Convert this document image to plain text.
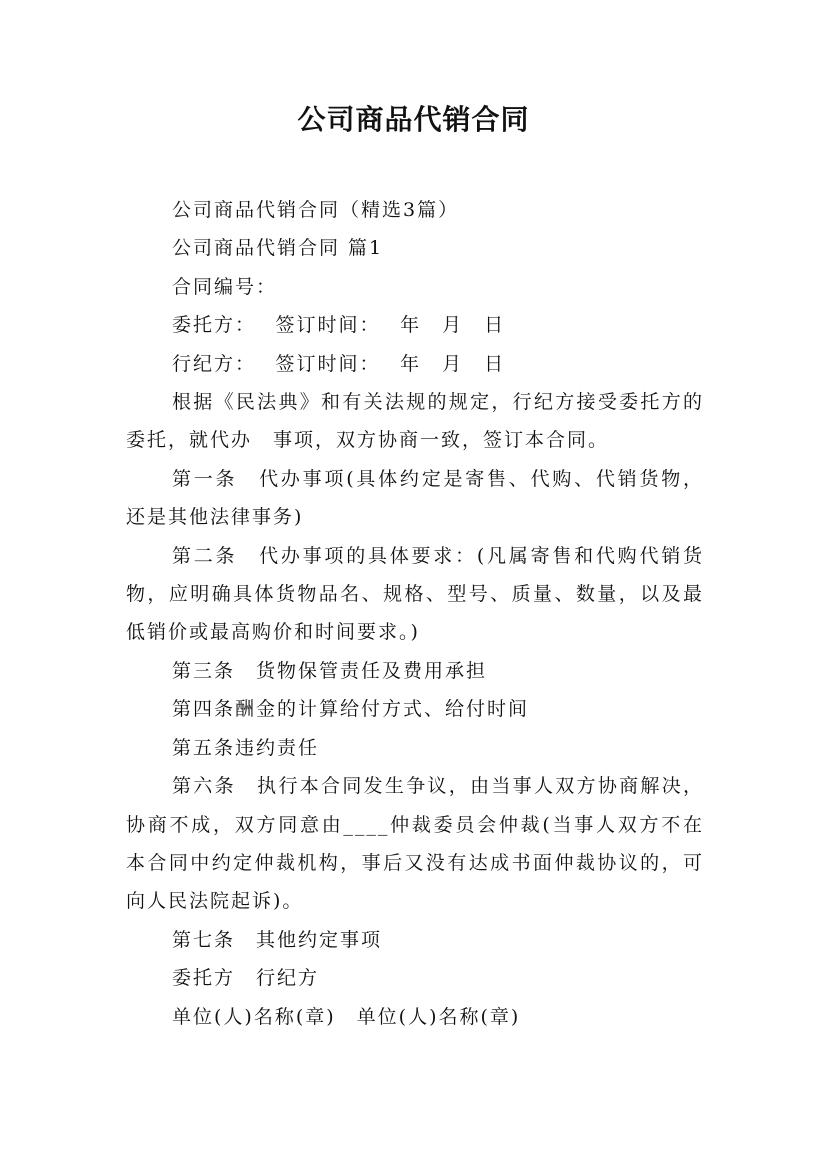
公司商品代销合同

公司商品代销合同（精选3篇）

公司商品代销合同 篇1

合同编号：

委托方：　 签订时间：　 年　月　日

行纪方：　 签订时间：　 年　月　日

根据《民法典》和有关法规的规定，行纪方接受委托方的委托，就代办　事项，双方协商一致，签订本合同。

第一条　代办事项(具体约定是寄售、代购、代销货物，还是其他法律事务)

第二条　代办事项的具体要求：(凡属寄售和代购代销货物，应明确具体货物品名、规格、型号、质量、数量，以及最低销价或最高购价和时间要求。)

第三条　货物保管责任及费用承担

第四条酬金的计算给付方式、给付时间

第五条违约责任

第六条　执行本合同发生争议，由当事人双方协商解决，协商不成，双方同意由____仲裁委员会仲裁(当事人双方不在本合同中约定仲裁机构，事后又没有达成书面仲裁协议的，可向人民法院起诉)。

第七条　其他约定事项

委托方　行纪方

单位(人)名称(章)　单位(人)名称(章)
